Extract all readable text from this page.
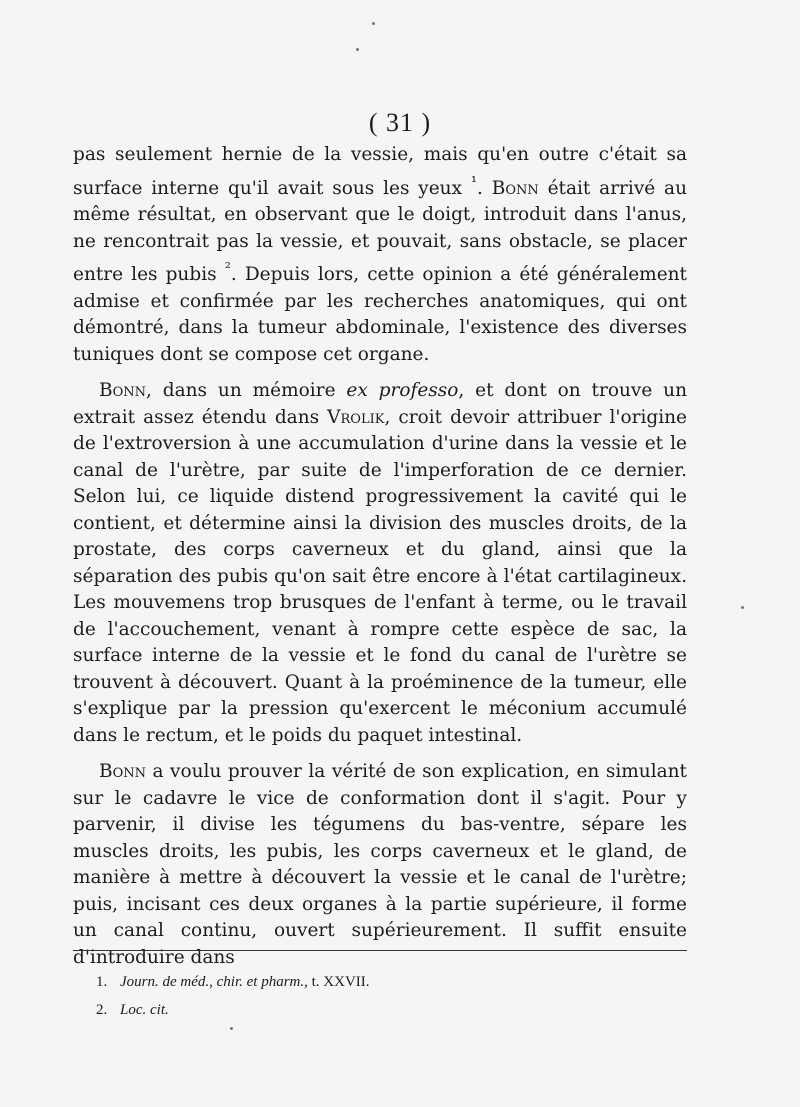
( 31 )

pas seulement hernie de la vessie, mais qu'en outre c'était sa surface interne qu'il avait sous les yeux $^{^1}$. Bonn était arrivé au même résultat, en observant que le doigt, introduit dans l'anus, ne rencontrait pas la vessie, et pouvait, sans obstacle, se placer entre les pubis $^{^2}$. Depuis lors, cette opinion a été généralement admise et confirmée par les recherches anatomiques, qui ont démontré, dans la tumeur abdominale, l'existence des diverses tuniques dont se compose cet organe.

Bonn, dans un mémoire ex professo, et dont on trouve un extrait assez étendu dans Vrolik, croit devoir attribuer l'origine de l'extroversion à une accumulation d'urine dans la vessie et le canal de l'urètre, par suite de l'imperforation de ce dernier. Selon lui, ce liquide distend progressivement la cavité qui le contient, et détermine ainsi la division des muscles droits, de la prostate, des corps caverneux et du gland, ainsi que la séparation des pubis qu'on sait être encore à l'état cartilagineux. Les mouvemens trop brusques de l'enfant à terme, ou le travail de l'accouchement, venant à rompre cette espèce de sac, la surface interne de la vessie et le fond du canal de l'urètre se trouvent à découvert. Quant à la proéminence de la tumeur, elle s'explique par la pression qu'exercent le méconium accumulé dans le rectum, et le poids du paquet intestinal.

Bonn a voulu prouver la vérité de son explication, en simulant sur le cadavre le vice de conformation dont il s'agit. Pour y parvenir, il divise les tégumens du bas-ventre, sépare les muscles droits, les pubis, les corps caverneux et le gland, de manière à mettre à découvert la vessie et le canal de l'urètre; puis, incisant ces deux organes à la partie supérieure, il forme un canal continu, ouvert supérieurement. Il suffit ensuite d'introduire dans

1. Journ. de méd., chir. et pharm., t. XXVII.
2. Loc. cit.
